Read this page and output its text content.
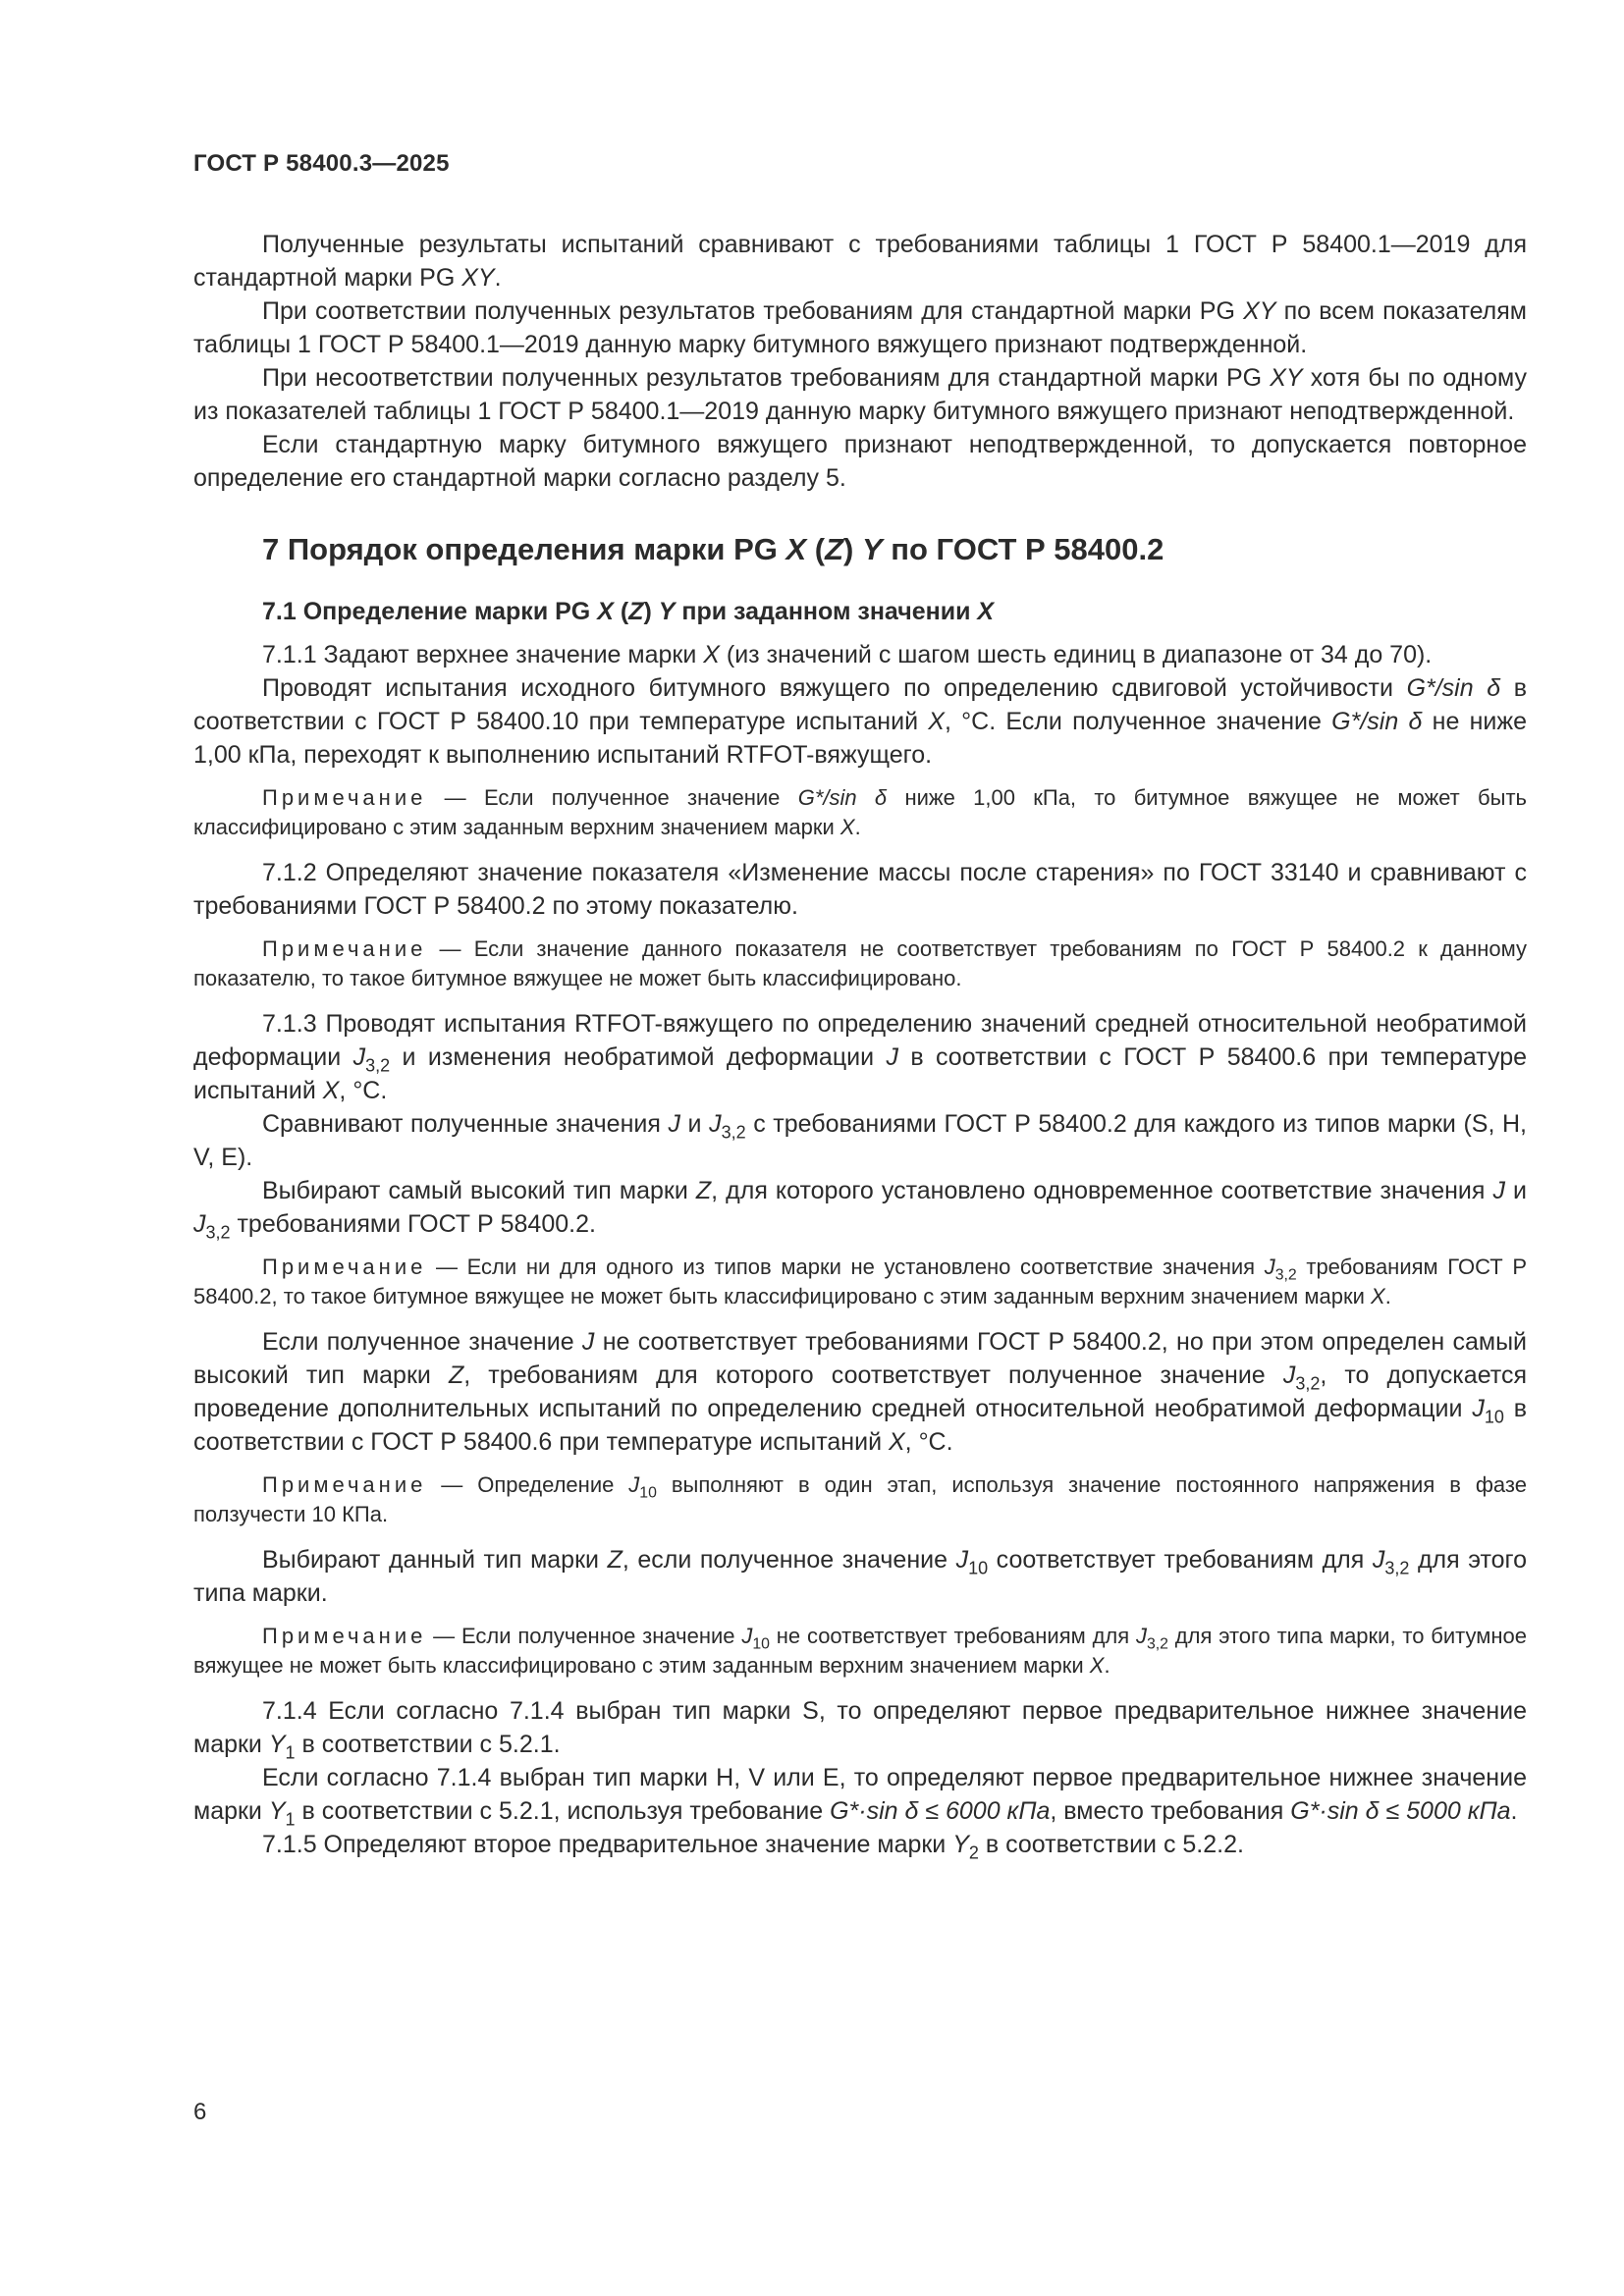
ГОСТ Р 58400.3—2025

Полученные результаты испытаний сравнивают с требованиями таблицы 1 ГОСТ Р 58400.1—2019 для стандартной марки PG XY.

При соответствии полученных результатов требованиям для стандартной марки PG XY по всем показателям таблицы 1 ГОСТ Р 58400.1—2019 данную марку битумного вяжущего признают подтвержденной.

При несоответствии полученных результатов требованиям для стандартной марки PG XY хотя бы по одному из показателей таблицы 1 ГОСТ Р 58400.1—2019 данную марку битумного вяжущего признают неподтвержденной.

Если стандартную марку битумного вяжущего признают неподтвержденной, то допускается повторное определение его стандартной марки согласно разделу 5.

7 Порядок определения марки PG X (Z) Y по ГОСТ Р 58400.2
7.1 Определение марки PG X (Z) Y при заданном значении X

7.1.1 Задают верхнее значение марки X (из значений с шагом шесть единиц в диапазоне от 34 до 70).

Проводят испытания исходного битумного вяжущего по определению сдвиговой устойчивости G*/sin δ в соответствии с ГОСТ Р 58400.10 при температуре испытаний X, °С. Если полученное значение G*/sin δ не ниже 1,00 кПа, переходят к выполнению испытаний RTFOT-вяжущего.

Примечание — Если полученное значение G*/sin δ ниже 1,00 кПа, то битумное вяжущее не может быть классифицировано с этим заданным верхним значением марки X.

7.1.2 Определяют значение показателя «Изменение массы после старения» по ГОСТ 33140 и сравнивают с требованиями ГОСТ Р 58400.2 по этому показателю.

Примечание — Если значение данного показателя не соответствует требованиям по ГОСТ Р 58400.2 к данному показателю, то такое битумное вяжущее не может быть классифицировано.

7.1.3 Проводят испытания RTFOT-вяжущего по определению значений средней относительной необратимой деформации $J_{3,2}$ и изменения необратимой деформации J в соответствии с ГОСТ Р 58400.6 при температуре испытаний X, °С.

Сравнивают полученные значения J и $J_{3,2}$ с требованиями ГОСТ Р 58400.2 для каждого из типов марки (S, H, V, E).

Выбирают самый высокий тип марки Z, для которого установлено одновременное соответствие значения J и $J_{3,2}$ требованиями ГОСТ Р 58400.2.

Примечание — Если ни для одного из типов марки не установлено соответствие значения $J_{3,2}$ требованиям ГОСТ Р 58400.2, то такое битумное вяжущее не может быть классифицировано с этим заданным верхним значением марки X.

Если полученное значение J не соответствует требованиями ГОСТ Р 58400.2, но при этом определен самый высокий тип марки Z, требованиям для которого соответствует полученное значение $J_{3,2}$, то допускается проведение дополнительных испытаний по определению средней относительной необратимой деформации $J_{10}$ в соответствии с ГОСТ Р 58400.6 при температуре испытаний X, °С.

Примечание — Определение $J_{10}$ выполняют в один этап, используя значение постоянного напряжения в фазе ползучести 10 КПа.

Выбирают данный тип марки Z, если полученное значение $J_{10}$ соответствует требованиям для $J_{3,2}$ для этого типа марки.

Примечание — Если полученное значение $J_{10}$ не соответствует требованиям для $J_{3,2}$ для этого типа марки, то битумное вяжущее не может быть классифицировано с этим заданным верхним значением марки X.

7.1.4 Если согласно 7.1.4 выбран тип марки S, то определяют первое предварительное нижнее значение марки $Y_1$ в соответствии с 5.2.1.

Если согласно 7.1.4 выбран тип марки H, V или E, то определяют первое предварительное нижнее значение марки $Y_1$ в соответствии с 5.2.1, используя требование G*·sin δ ≤ 6000 кПа, вместо требования G*·sin δ ≤ 5000 кПа.

7.1.5 Определяют второе предварительное значение марки $Y_2$ в соответствии с 5.2.2.

6
